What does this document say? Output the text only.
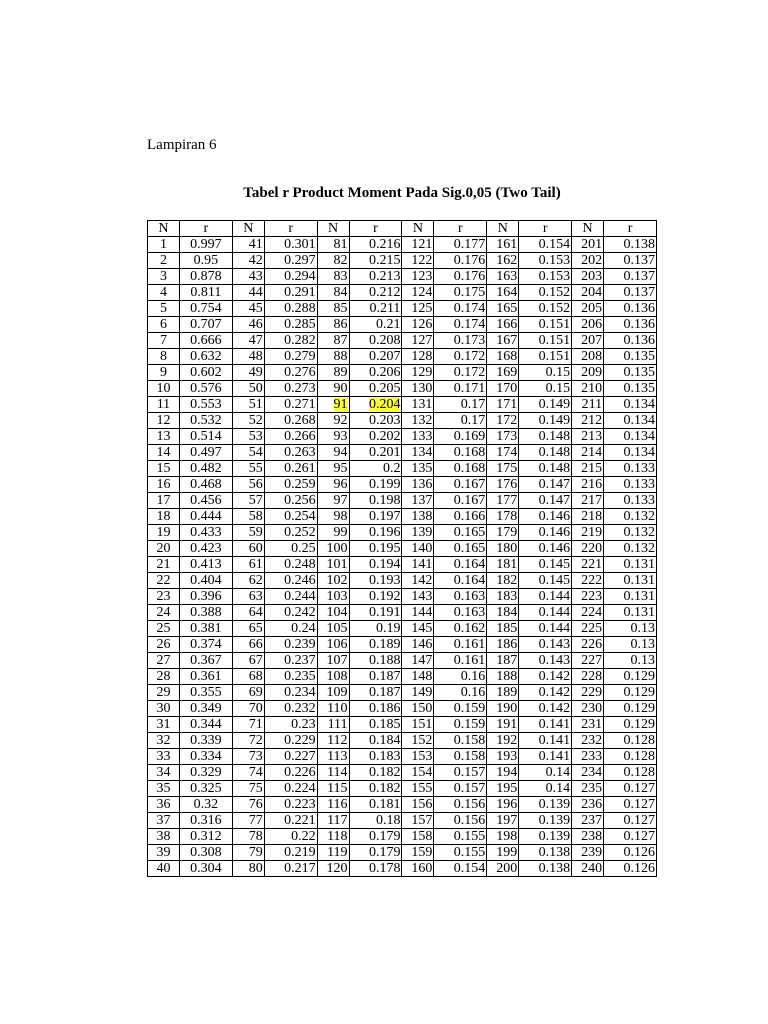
Lampiran 6
Tabel r Product Moment Pada Sig.0,05 (Two Tail)
N	r	N	r	N	r	N	r	N	r	N	r
1	0.997	41	0.301	81	0.216	121	0.177	161	0.154	201	0.138
2	0.95	42	0.297	82	0.215	122	0.176	162	0.153	202	0.137
3	0.878	43	0.294	83	0.213	123	0.176	163	0.153	203	0.137
4	0.811	44	0.291	84	0.212	124	0.175	164	0.152	204	0.137
5	0.754	45	0.288	85	0.211	125	0.174	165	0.152	205	0.136
6	0.707	46	0.285	86	0.21	126	0.174	166	0.151	206	0.136
7	0.666	47	0.282	87	0.208	127	0.173	167	0.151	207	0.136
8	0.632	48	0.279	88	0.207	128	0.172	168	0.151	208	0.135
9	0.602	49	0.276	89	0.206	129	0.172	169	0.15	209	0.135
10	0.576	50	0.273	90	0.205	130	0.171	170	0.15	210	0.135
11	0.553	51	0.271	91	0.204	131	0.17	171	0.149	211	0.134
12	0.532	52	0.268	92	0.203	132	0.17	172	0.149	212	0.134
13	0.514	53	0.266	93	0.202	133	0.169	173	0.148	213	0.134
14	0.497	54	0.263	94	0.201	134	0.168	174	0.148	214	0.134
15	0.482	55	0.261	95	0.2	135	0.168	175	0.148	215	0.133
16	0.468	56	0.259	96	0.199	136	0.167	176	0.147	216	0.133
17	0.456	57	0.256	97	0.198	137	0.167	177	0.147	217	0.133
18	0.444	58	0.254	98	0.197	138	0.166	178	0.146	218	0.132
19	0.433	59	0.252	99	0.196	139	0.165	179	0.146	219	0.132
20	0.423	60	0.25	100	0.195	140	0.165	180	0.146	220	0.132
21	0.413	61	0.248	101	0.194	141	0.164	181	0.145	221	0.131
22	0.404	62	0.246	102	0.193	142	0.164	182	0.145	222	0.131
23	0.396	63	0.244	103	0.192	143	0.163	183	0.144	223	0.131
24	0.388	64	0.242	104	0.191	144	0.163	184	0.144	224	0.131
25	0.381	65	0.24	105	0.19	145	0.162	185	0.144	225	0.13
26	0.374	66	0.239	106	0.189	146	0.161	186	0.143	226	0.13
27	0.367	67	0.237	107	0.188	147	0.161	187	0.143	227	0.13
28	0.361	68	0.235	108	0.187	148	0.16	188	0.142	228	0.129
29	0.355	69	0.234	109	0.187	149	0.16	189	0.142	229	0.129
30	0.349	70	0.232	110	0.186	150	0.159	190	0.142	230	0.129
31	0.344	71	0.23	111	0.185	151	0.159	191	0.141	231	0.129
32	0.339	72	0.229	112	0.184	152	0.158	192	0.141	232	0.128
33	0.334	73	0.227	113	0.183	153	0.158	193	0.141	233	0.128
34	0.329	74	0.226	114	0.182	154	0.157	194	0.14	234	0.128
35	0.325	75	0.224	115	0.182	155	0.157	195	0.14	235	0.127
36	0.32	76	0.223	116	0.181	156	0.156	196	0.139	236	0.127
37	0.316	77	0.221	117	0.18	157	0.156	197	0.139	237	0.127
38	0.312	78	0.22	118	0.179	158	0.155	198	0.139	238	0.127
39	0.308	79	0.219	119	0.179	159	0.155	199	0.138	239	0.126
40	0.304	80	0.217	120	0.178	160	0.154	200	0.138	240	0.126
